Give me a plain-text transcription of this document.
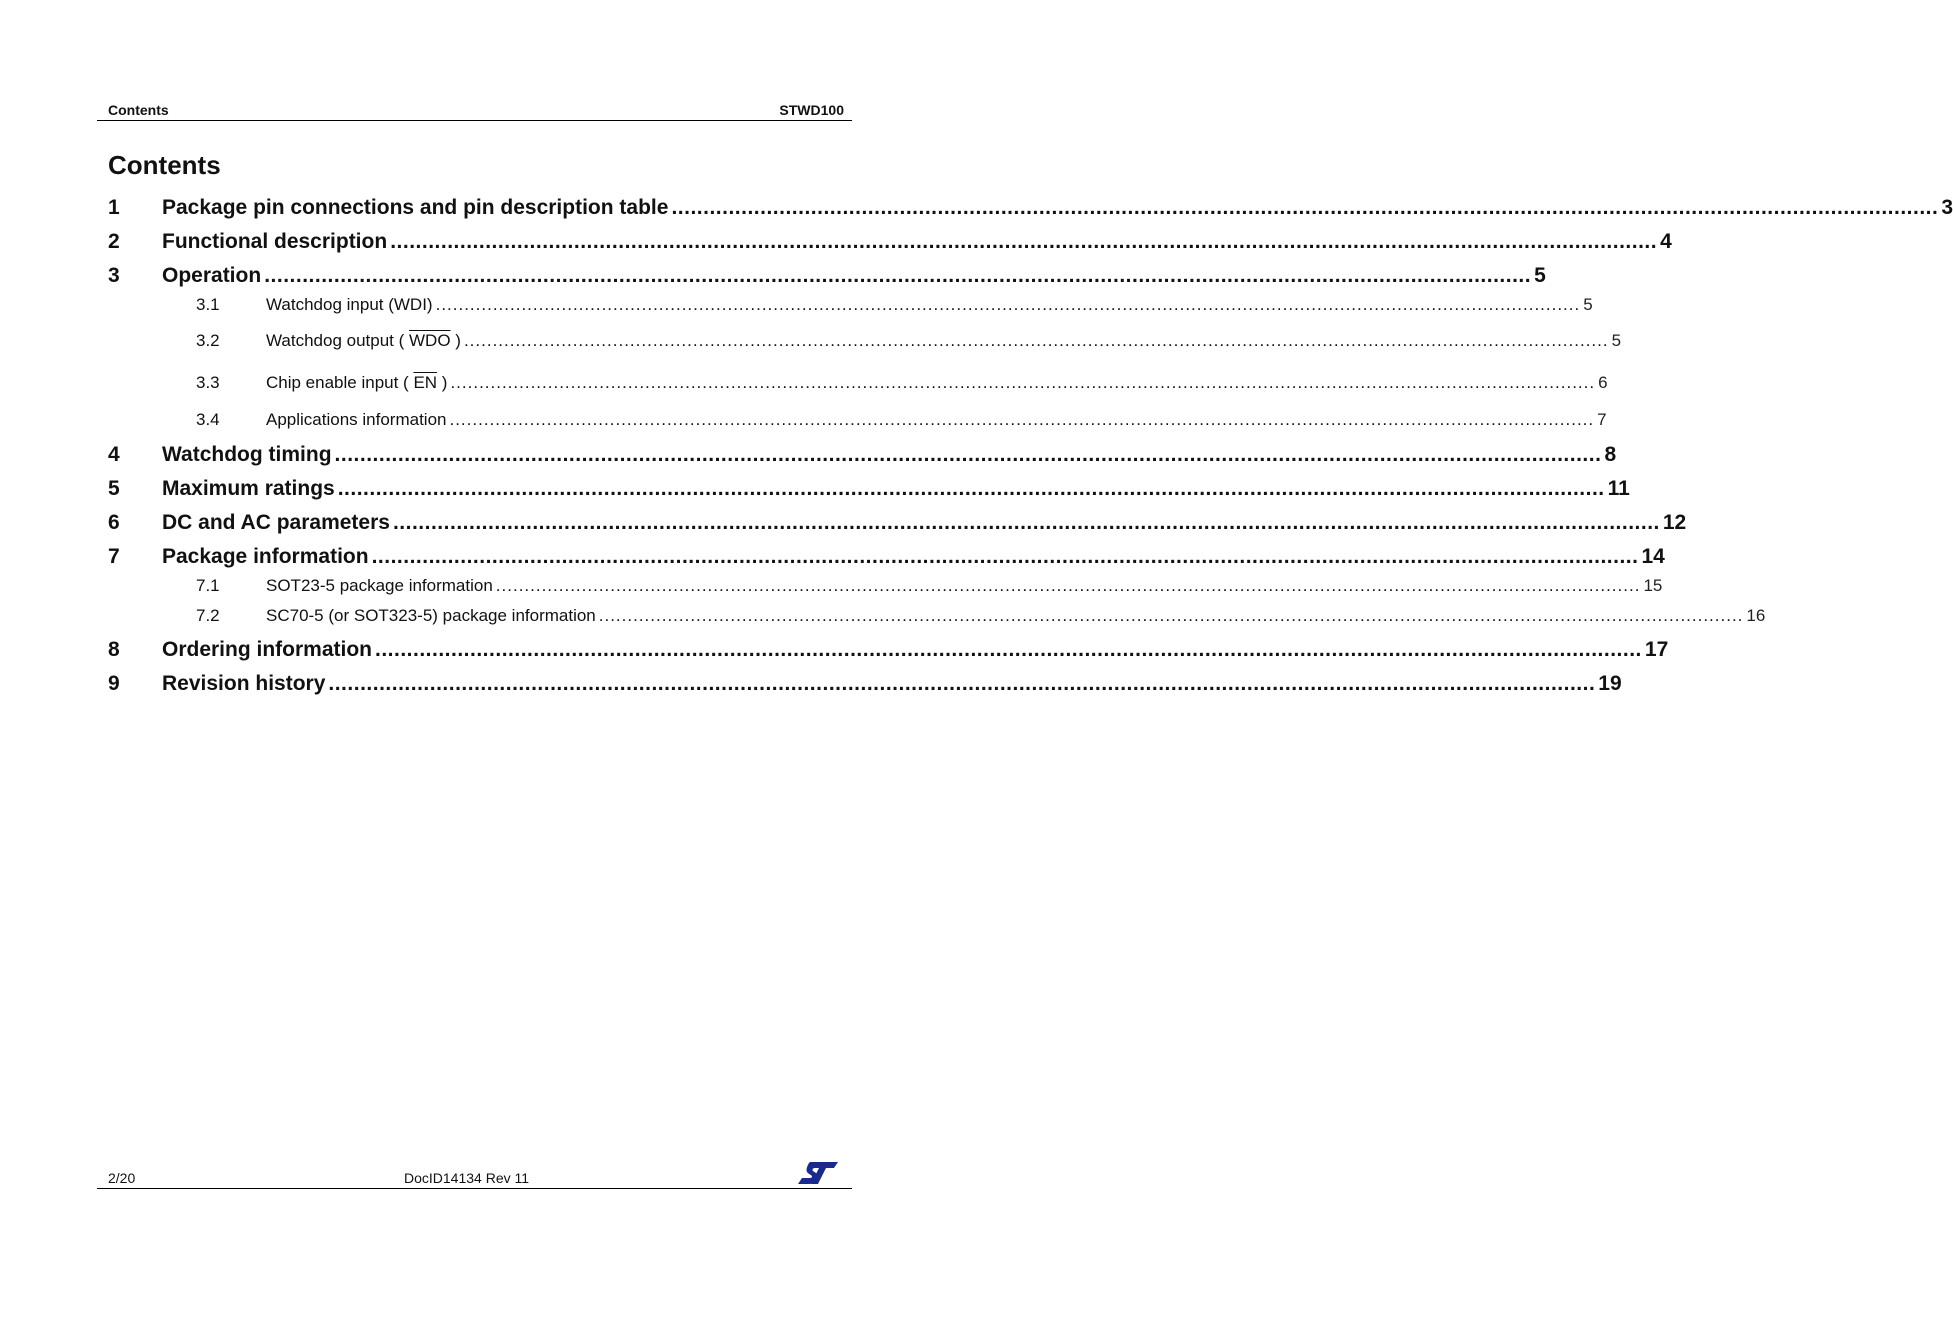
Contents	STWD100
Contents
1	Package pin connections and pin description table ........................................................................................................................................................................................................ 3
2	Functional description ........................................................................................................................................................................................................ 4
3	Operation ........................................................................................................................................................................................................ 5
3.1	Watchdog input (WDI) ........................................................................................................................................................................................................ 5
3.2	Watchdog output ( $\overline{WDO}$ ) ........................................................................................................................................................................................................ 5
3.3	Chip enable input ( $\overline{EN}$ ) ........................................................................................................................................................................................................ 6
3.4	Applications information ........................................................................................................................................................................................................ 7
4	Watchdog timing ........................................................................................................................................................................................................ 8
5	Maximum ratings ........................................................................................................................................................................................................ 11
6	DC and AC parameters ........................................................................................................................................................................................................ 12
7	Package information ........................................................................................................................................................................................................ 14
7.1	SOT23-5 package information ........................................................................................................................................................................................................ 15
7.2	SC70-5 (or SOT323-5) package information ........................................................................................................................................................................................................ 16
8	Ordering information ........................................................................................................................................................................................................ 17
9	Revision history ........................................................................................................................................................................................................ 19
2/20	DocID14134 Rev 11
